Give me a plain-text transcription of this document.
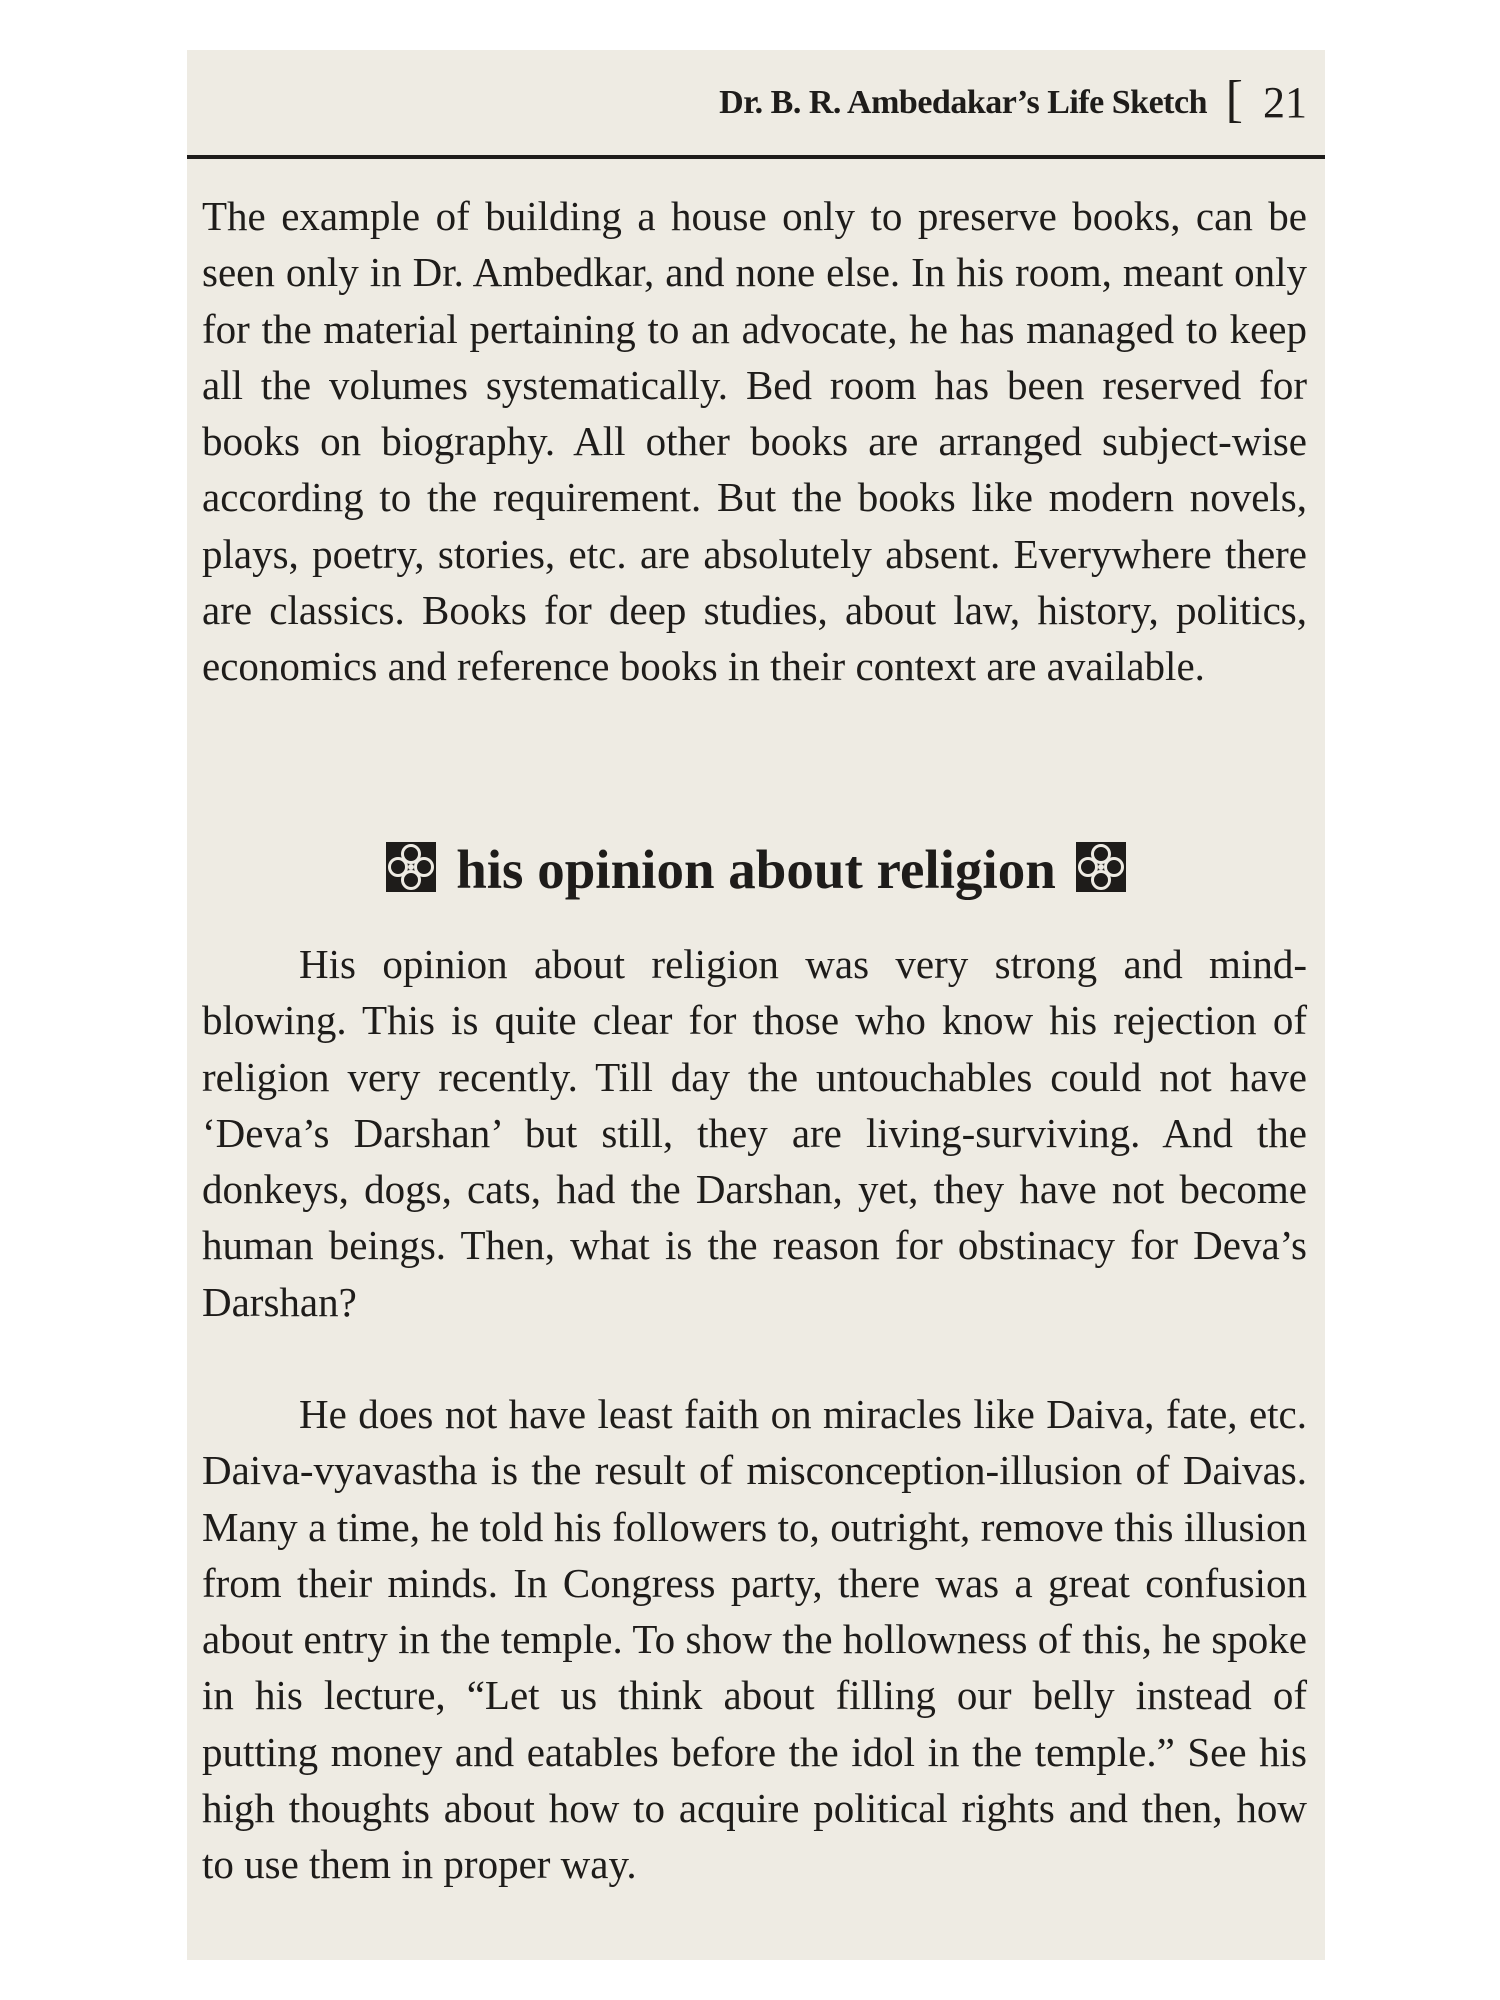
Dr. B. R. Ambedakar’s Life Sketch [ 21

The example of building a house only to preserve books, can be seen only in Dr. Ambedkar, and none else. In his room, meant only for the material pertaining to an advocate, he has managed to keep all the volumes systematically. Bed room has been reserved for books on biography. All other books are arranged subject-wise according to the requirement. But the books like modern novels, plays, poetry, stories, etc. are absolutely absent. Everywhere there are classics. Books for deep studies, about law, history, politics, economics and reference books in their context are available.

his opinion about religion

His opinion about religion was very strong and mind-blowing. This is quite clear for those who know his rejection of religion very recently. Till day the untouchables could not have ‘Deva’s Darshan’ but still, they are living-surviving. And the donkeys, dogs, cats, had the Darshan, yet, they have not become human beings. Then, what is the reason for obstinacy for Deva’s Darshan?

He does not have least faith on miracles like Daiva, fate, etc. Daiva-vyavastha is the result of misconception-illusion of Daivas. Many a time, he told his followers to, outright, remove this illusion from their minds. In Congress party, there was a great confusion about entry in the temple. To show the hollowness of this, he spoke in his lecture, “Let us think about filling our belly instead of putting money and eatables before the idol in the temple.” See his high thoughts about how to acquire political rights and then, how to use them in proper way.
